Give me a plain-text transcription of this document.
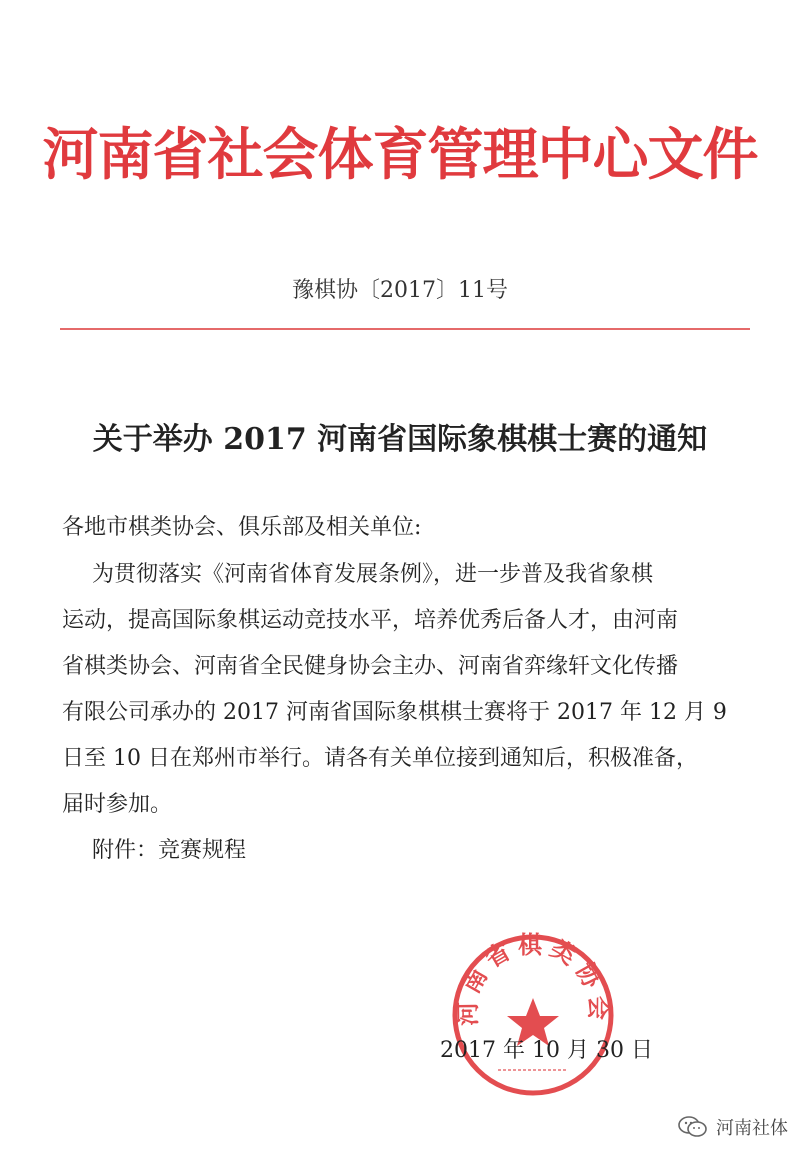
河南省社会体育管理中心文件
豫棋协〔2017〕11号
关于举办 2017 河南省国际象棋棋士赛的通知
各地市棋类协会、俱乐部及相关单位:
为贯彻落实《河南省体育发展条例》，进一步普及我省象棋
运动，提高国际象棋运动竞技水平，培养优秀后备人才，由河南
省棋类协会、河南省全民健身协会主办、河南省弈缘轩文化传播
有限公司承办的 2017 河南省国际象棋棋士赛将于 2017 年 12 月 9
日至 10 日在郑州市举行。请各有关单位接到通知后，积极准备，
届时参加。
附件：竞赛规程
河南省棋类协会
2017 年 10 月 30 日
河南社体
